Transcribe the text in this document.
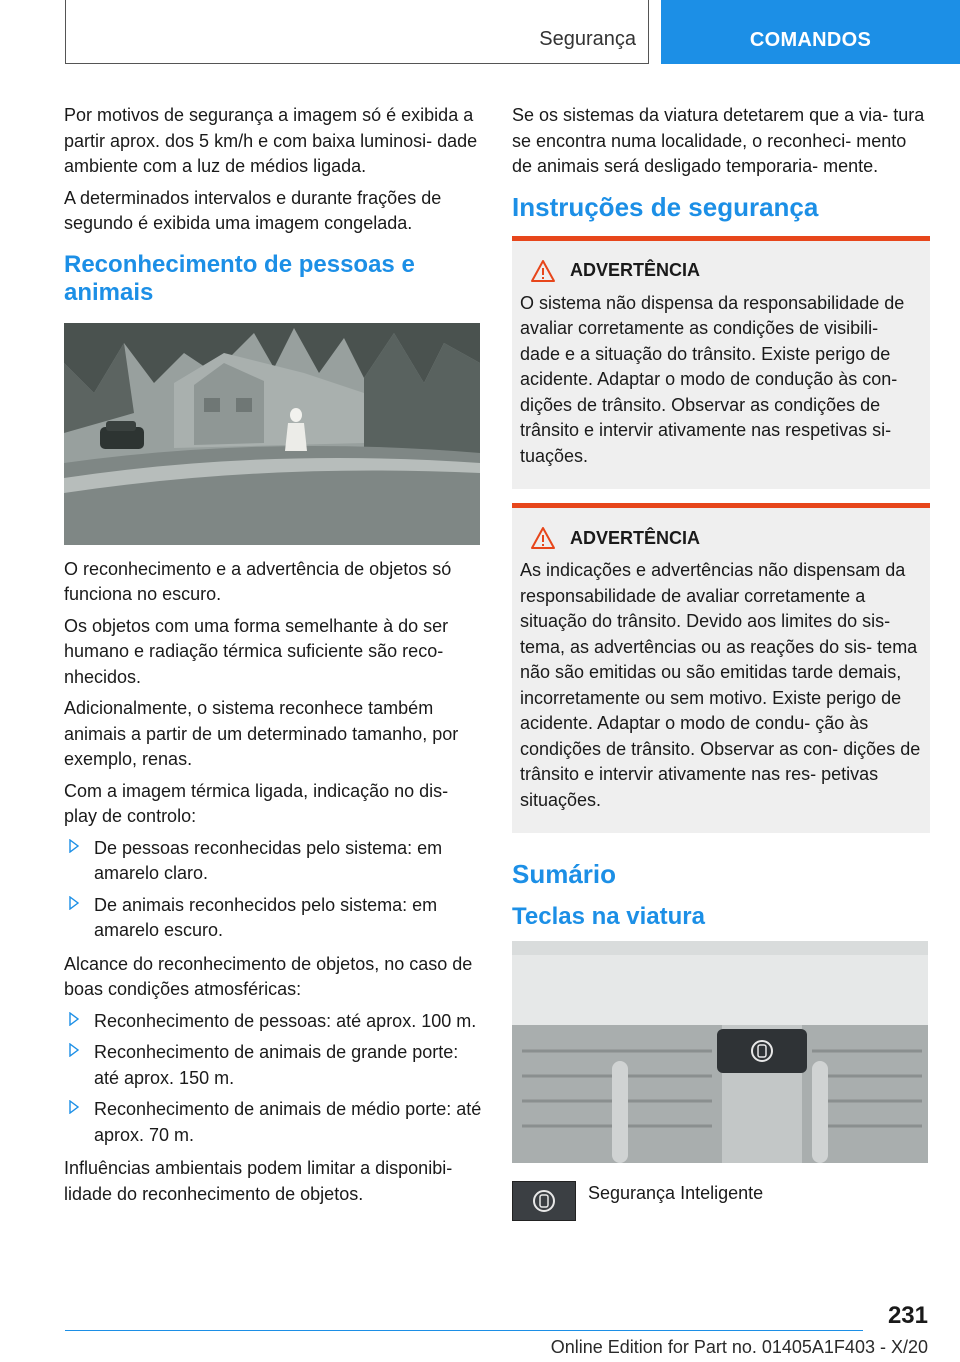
Segurança	COMANDOS

Por motivos de segurança a imagem só é exibida a partir aprox. dos 5 km/h e com baixa luminosi‐ dade ambiente com a luz de médios ligada.

A determinados intervalos e durante frações de segundo é exibida uma imagem congelada.

Reconhecimento de pessoas e animais

O reconhecimento e a advertência de objetos só funciona no escuro.

Os objetos com uma forma semelhante à do ser humano e radiação térmica suficiente são reco‐ nhecidos.

Adicionalmente, o sistema reconhece também animais a partir de um determinado tamanho, por exemplo, renas.

Com a imagem térmica ligada, indicação no dis‐ play de controlo:

De pessoas reconhecidas pelo sistema: em amarelo claro.
De animais reconhecidos pelo sistema: em amarelo escuro.

Alcance do reconhecimento de objetos, no caso de boas condições atmosféricas:

Reconhecimento de pessoas: até aprox. 100 m.
Reconhecimento de animais de grande porte: até aprox. 150 m.
Reconhecimento de animais de médio porte: até aprox. 70 m.

Influências ambientais podem limitar a disponibi‐ lidade do reconhecimento de objetos.

Se os sistemas da viatura detetarem que a via‐ tura se encontra numa localidade, o reconheci‐ mento de animais será desligado temporaria‐ mente.

Instruções de segurança
ADVERTÊNCIA

O sistema não dispensa da responsabilidade de avaliar corretamente as condições de visibili‐ dade e a situação do trânsito. Existe perigo de acidente. Adaptar o modo de condução às con‐ dições de trânsito. Observar as condições de trânsito e intervir ativamente nas respetivas si‐ tuações.

ADVERTÊNCIA

As indicações e advertências não dispensam da responsabilidade de avaliar corretamente a situação do trânsito. Devido aos limites do sis‐ tema, as advertências ou as reações do sis‐ tema não são emitidas ou são emitidas tarde demais, incorretamente ou sem motivo. Existe perigo de acidente. Adaptar o modo de condu‐ ção às condições de trânsito. Observar as con‐ dições de trânsito e intervir ativamente nas res‐ petivas situações.

Sumário
Teclas na viatura

Segurança Inteligente

231
Online Edition for Part no. 01405A1F403 - X/20
